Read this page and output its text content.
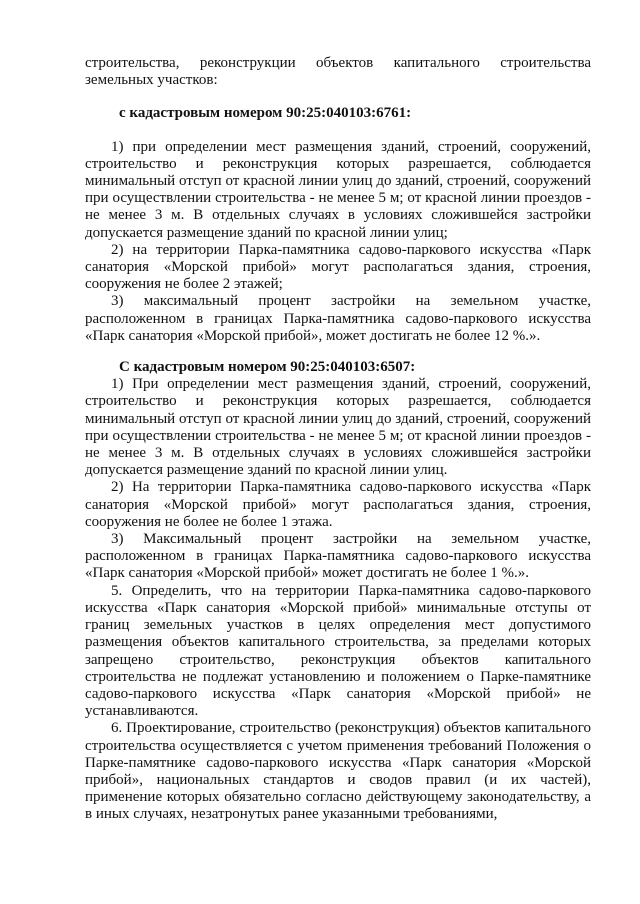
строительства, реконструкции объектов капитального строительства земельных участков:

с кадастровым номером 90:25:040103:6761:

1) при определении мест размещения зданий, строений, сооружений, строительство и реконструкция которых разрешается, соблюдается минимальный отступ от красной линии улиц до зданий, строений, сооружений при осуществлении строительства - не менее 5 м; от красной линии проездов - не менее 3 м. В отдельных случаях в условиях сложившейся застройки допускается размещение зданий по красной линии улиц;

2) на территории Парка-памятника садово-паркового искусства «Парк санатория «Морской прибой» могут располагаться здания, строения, сооружения не более 2 этажей;

3) максимальный процент застройки на земельном участке, расположенном в границах Парка-памятника садово-паркового искусства «Парк санатория «Морской прибой», может достигать не более 12 %.».

С кадастровым номером 90:25:040103:6507:

1) При определении мест размещения зданий, строений, сооружений, строительство и реконструкция которых разрешается, соблюдается минимальный отступ от красной линии улиц до зданий, строений, сооружений при осуществлении строительства - не менее 5 м; от красной линии проездов - не менее 3 м. В отдельных случаях в условиях сложившейся застройки допускается размещение зданий по красной линии улиц.

2) На территории Парка-памятника садово-паркового искусства «Парк санатория «Морской прибой» могут располагаться здания, строения, сооружения не более не более 1 этажа.

3) Максимальный процент застройки на земельном участке, расположенном в границах Парка-памятника садово-паркового искусства «Парк санатория «Морской прибой» может достигать не более 1 %.».

5. Определить, что на территории Парка-памятника садово-паркового искусства «Парк санатория «Морской прибой» минимальные отступы от границ земельных участков в целях определения мест допустимого размещения объектов капитального строительства, за пределами которых запрещено строительство, реконструкция объектов капитального строительства не подлежат установлению и положением о Парке-памятнике садово-паркового искусства «Парк санатория «Морской прибой» не устанавливаются.

6. Проектирование, строительство (реконструкция) объектов капитального строительства осуществляется с учетом применения требований Положения о Парке-памятнике садово-паркового искусства «Парк санатория «Морской прибой», национальных стандартов и сводов правил (и их частей), применение которых обязательно согласно действующему законодательству, а в иных случаях, незатронутых ранее указанными требованиями,
